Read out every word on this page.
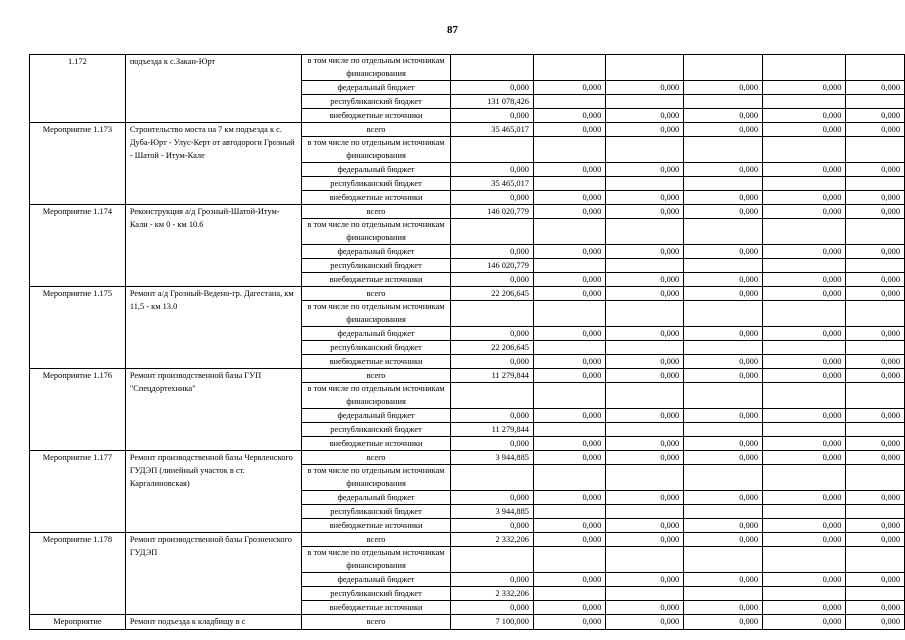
87
1.172	подъезда к с.Закан-Юрт	в том числе по отдельным источникам финансирования						
		федеральный бюджет	0,000	0,000	0,000	0,000	0,000	0,000
		республиканский бюджет	131 078,426					
		внебюджетные источники	0,000	0,000	0,000	0,000	0,000	0,000
Мероприятие 1.173	Строительство моста на 7 км подъезда к с. Дуба-Юрт - Улус-Керт от автодороги Грозный - Шатой - Итум-Кале	всего	35 465,017	0,000	0,000	0,000	0,000	0,000
		в том числе по отдельным источникам финансирования						
		федеральный бюджет	0,000	0,000	0,000	0,000	0,000	0,000
		республиканский бюджет	35 465,017					
		внебюджетные источники	0,000	0,000	0,000	0,000	0,000	0,000
Мероприятие 1.174	Реконструкция а/д Грозный-Шатой-Итум-Кали - км 0 - км 10.6	всего	146 020,779	0,000	0,000	0,000	0,000	0,000
		в том числе по отдельным источникам финансирования						
		федеральный бюджет	0,000	0,000	0,000	0,000	0,000	0,000
		республиканский бюджет	146 020,779					
		внебюджетные источники	0,000	0,000	0,000	0,000	0,000	0,000
Мероприятие 1.175	Ремонт а/д Грозный-Ведено-гр. Дагестана, км 11,5 - км 13.0	всего	22 206,645	0,000	0,000	0,000	0,000	0,000
		в том числе по отдельным источникам финансирования						
		федеральный бюджет	0,000	0,000	0,000	0,000	0,000	0,000
		республиканский бюджет	22 206,645					
		внебюджетные источники	0,000	0,000	0,000	0,000	0,000	0,000
Мероприятие 1.176	Ремонт производственной базы ГУП "Спецдортехника"	всего	11 279,844	0,000	0,000	0,000	0,000	0,000
		в том числе по отдельным источникам финансирования						
		федеральный бюджет	0,000	0,000	0,000	0,000	0,000	0,000
		республиканский бюджет	11 279,844					
		внебюджетные источники	0,000	0,000	0,000	0,000	0,000	0,000
Мероприятие 1.177	Ремонт производственной базы Червленского ГУДЭП (линейный участок в ст. Каргалиновская)	всего	3 944,885	0,000	0,000	0,000	0,000	0,000
		в том числе по отдельным источникам финансирования						
		федеральный бюджет	0,000	0,000	0,000	0,000	0,000	0,000
		республиканский бюджет	3 944,885					
		внебюджетные источники	0,000	0,000	0,000	0,000	0,000	0,000
Мероприятие 1.178	Ремонт производственной базы Грозненского ГУДЭП	всего	2 332,206	0,000	0,000	0,000	0,000	0,000
		в том числе по отдельным источникам финансирования						
		федеральный бюджет	0,000	0,000	0,000	0,000	0,000	0,000
		республиканский бюджет	2 332,206					
		внебюджетные источники	0,000	0,000	0,000	0,000	0,000	0,000
Мероприятие	Ремонт подъезда к кладбищу в с	всего	7 100,000	0,000	0,000	0,000	0,000	0,000
